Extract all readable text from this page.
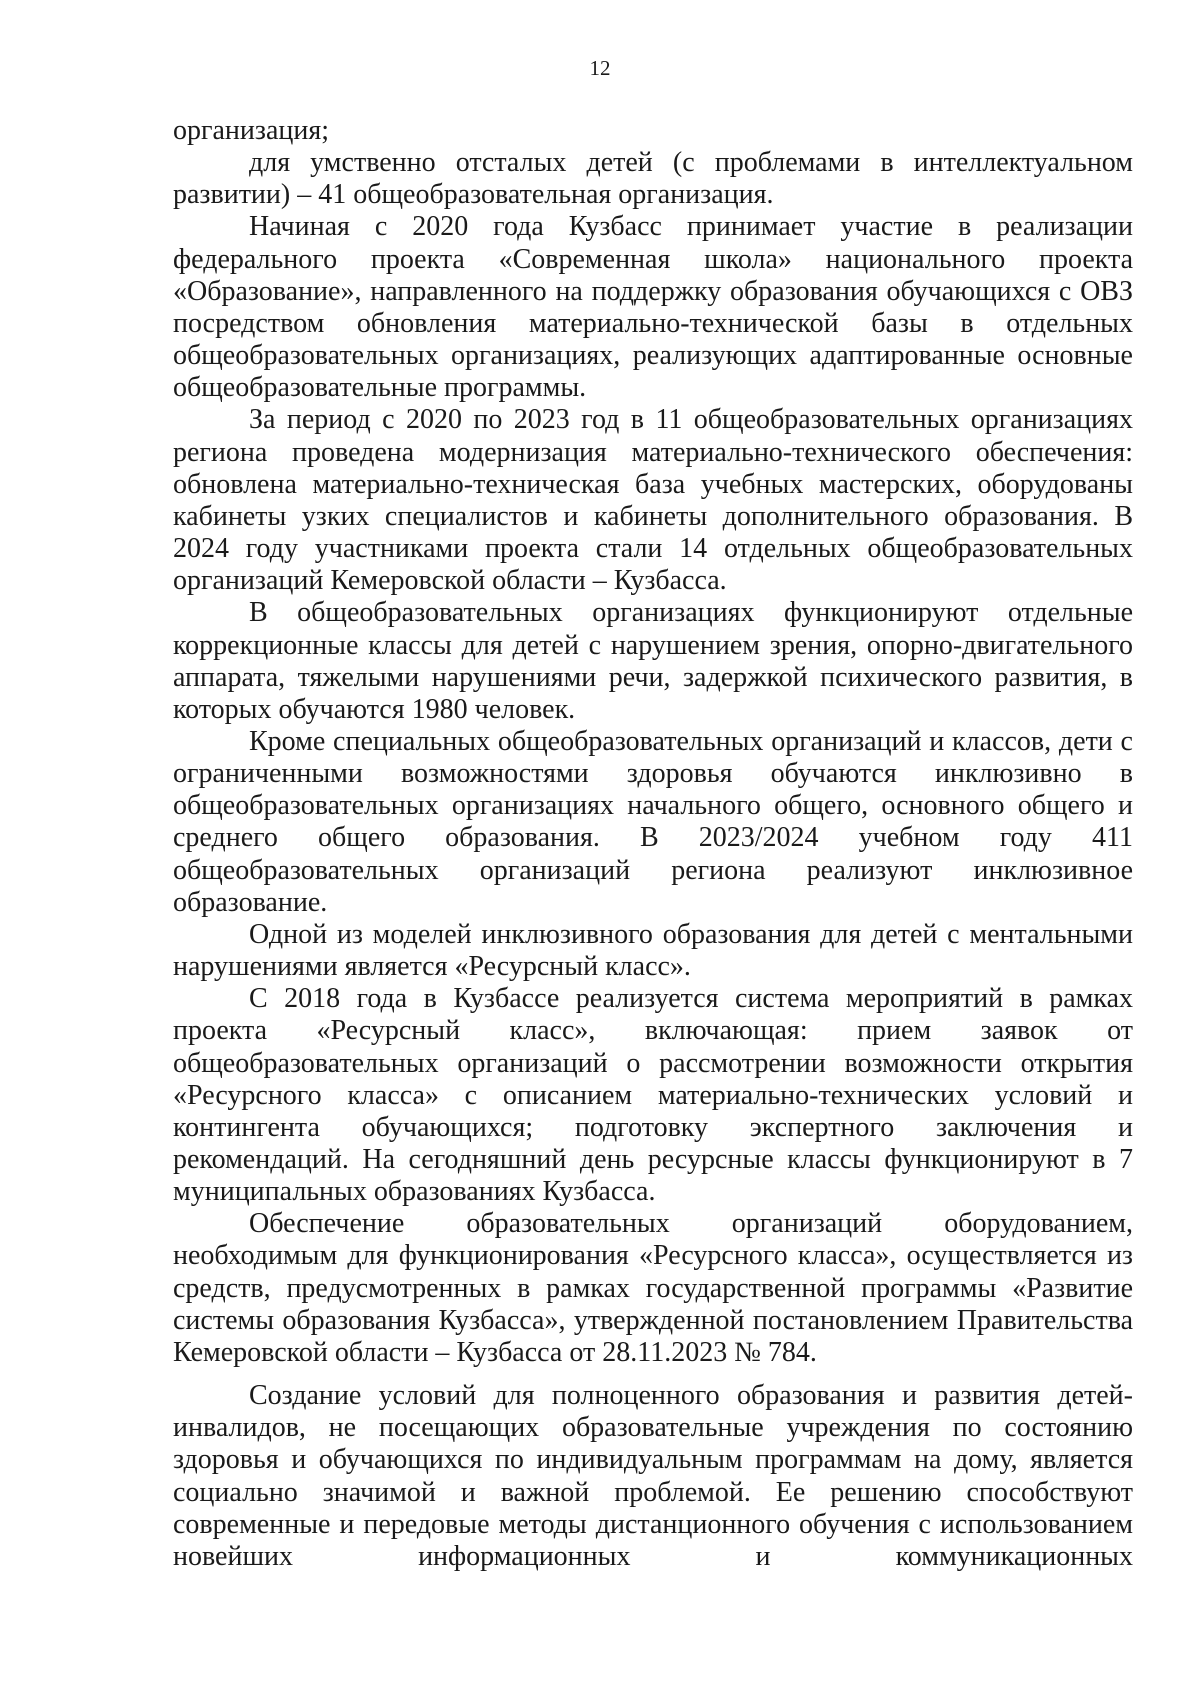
12

организация;

для умственно отсталых детей (с проблемами в интеллектуальном развитии) – 41 общеобразовательная организация.

Начиная с 2020 года Кузбасс принимает участие в реализации федерального проекта «Современная школа» национального проекта «Образование», направленного на поддержку образования обучающихся с ОВЗ посредством обновления материально-технической базы в отдельных общеобразовательных организациях, реализующих адаптированные основные общеобразовательные программы.

За период с 2020 по 2023 год в 11 общеобразовательных организациях региона проведена модернизация материально-технического обеспечения: обновлена материально-техническая база учебных мастерских, оборудованы кабинеты узких специалистов и кабинеты дополнительного образования. В 2024 году участниками проекта стали 14 отдельных общеобразовательных организаций Кемеровской области – Кузбасса.

В общеобразовательных организациях функционируют отдельные коррекционные классы для детей с нарушением зрения, опорно-двигательного аппарата, тяжелыми нарушениями речи, задержкой психического развития, в которых обучаются 1980 человек.

Кроме специальных общеобразовательных организаций и классов, дети с ограниченными возможностями здоровья обучаются инклюзивно в общеобразовательных организациях начального общего, основного общего и среднего общего образования. В 2023/2024 учебном году 411 общеобразовательных организаций региона реализуют инклюзивное образование.

Одной из моделей инклюзивного образования для детей с ментальными нарушениями является «Ресурсный класс».

С 2018 года в Кузбассе реализуется система мероприятий в рамках проекта «Ресурсный класс», включающая: прием заявок от общеобразовательных организаций о рассмотрении возможности открытия «Ресурсного класса» с описанием материально-технических условий и контингента обучающихся; подготовку экспертного заключения и рекомендаций. На сегодняшний день ресурсные классы функционируют в 7 муниципальных образованиях Кузбасса.

Обеспечение образовательных организаций оборудованием, необходимым для функционирования «Ресурсного класса», осуществляется из средств, предусмотренных в рамках государственной программы «Развитие системы образования Кузбасса», утвержденной постановлением Правительства Кемеровской области – Кузбасса от 28.11.2023 № 784.

Создание условий для полноценного образования и развития детей-инвалидов, не посещающих образовательные учреждения по состоянию здоровья и обучающихся по индивидуальным программам на дому, является социально значимой и важной проблемой. Ее решению способствуют современные и передовые методы дистанционного обучения с использованием новейших информационных и коммуникационных
